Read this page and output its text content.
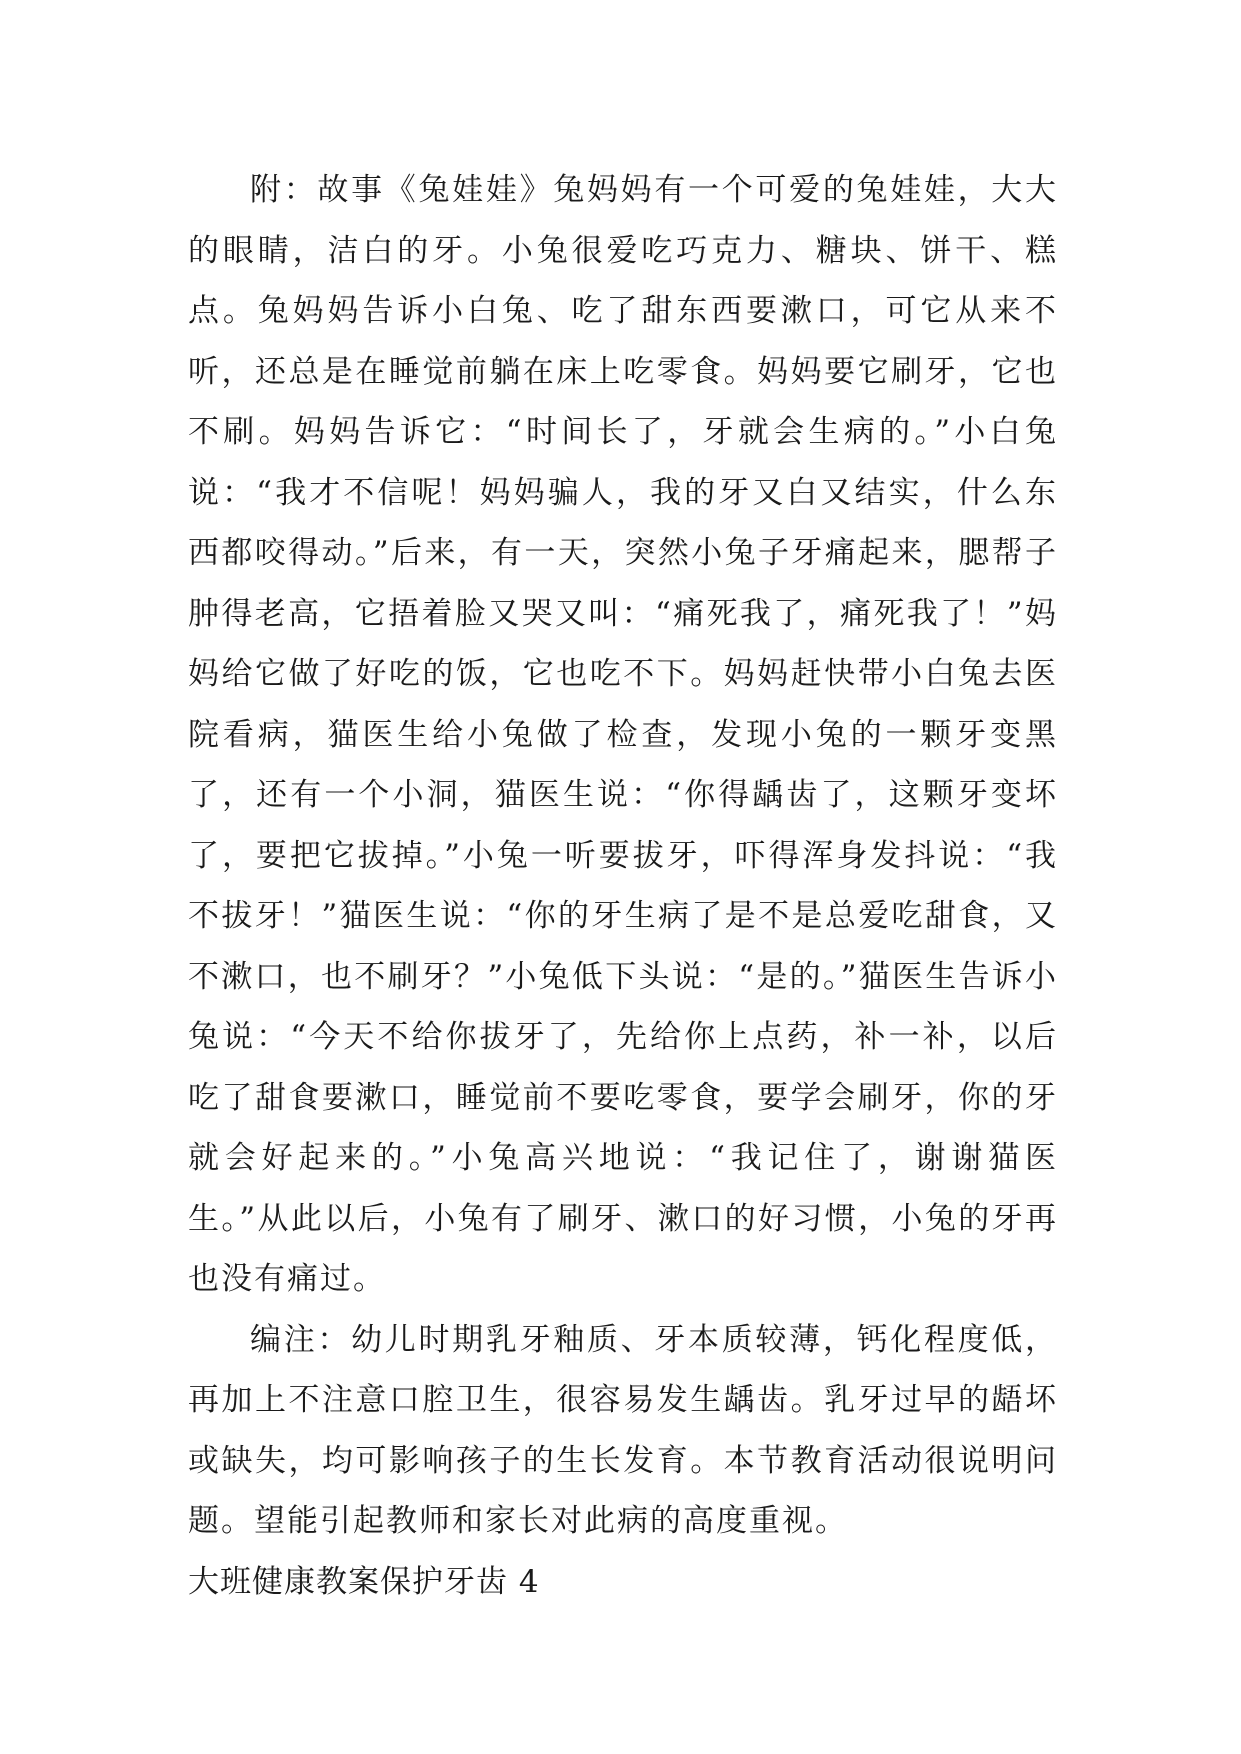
附：故事《兔娃娃》兔妈妈有一个可爱的兔娃娃，大大的眼睛，洁白的牙。小兔很爱吃巧克力、糖块、饼干、糕点。兔妈妈告诉小白兔、吃了甜东西要漱口，可它从来不听，还总是在睡觉前躺在床上吃零食。妈妈要它刷牙，它也不刷。妈妈告诉它：“时间长了，牙就会生病的。”小白兔说：“我才不信呢！妈妈骗人，我的牙又白又结实，什么东西都咬得动。”后来，有一天，突然小兔子牙痛起来，腮帮子肿得老高，它捂着脸又哭又叫：“痛死我了，痛死我了！”妈妈给它做了好吃的饭，它也吃不下。妈妈赶快带小白兔去医院看病，猫医生给小兔做了检查，发现小兔的一颗牙变黑了，还有一个小洞，猫医生说：“你得龋齿了，这颗牙变坏了，要把它拔掉。”小兔一听要拔牙，吓得浑身发抖说：“我不拔牙！”猫医生说：“你的牙生病了是不是总爱吃甜食，又不漱口，也不刷牙？”小兔低下头说：“是的。”猫医生告诉小兔说：“今天不给你拔牙了，先给你上点药，补一补，以后吃了甜食要漱口，睡觉前不要吃零食，要学会刷牙，你的牙就会好起来的。”小兔高兴地说：“我记住了，谢谢猫医生。”从此以后，小兔有了刷牙、漱口的好习惯，小兔的牙再也没有痛过。

编注：幼儿时期乳牙釉质、牙本质较薄，钙化程度低，再加上不注意口腔卫生，很容易发生龋齿。乳牙过早的龉坏或缺失，均可影响孩子的生长发育。本节教育活动很说明问题。望能引起教师和家长对此病的高度重视。

大班健康教案保护牙齿 4
